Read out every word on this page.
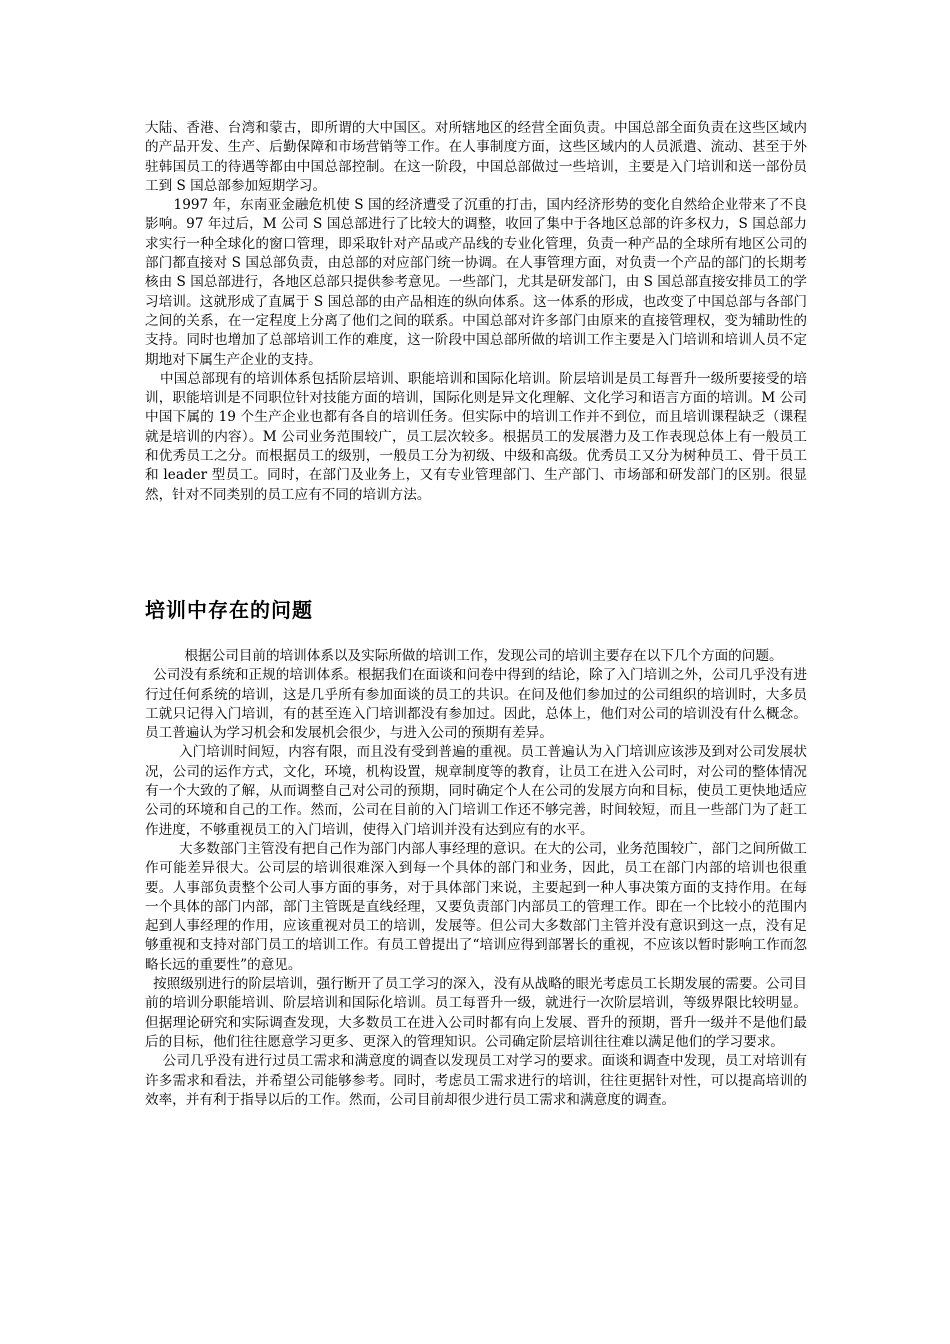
大陆、香港、台湾和蒙古，即所谓的大中国区。对所辖地区的经营全面负责。中国总部全面负责在这些区域内的产品开发、生产、后勤保障和市场营销等工作。在人事制度方面，这些区域内的人员派遣、流动、甚至于外驻韩国员工的待遇等都由中国总部控制。在这一阶段，中国总部做过一些培训，主要是入门培训和送一部份员工到 S 国总部参加短期学习。

1997 年，东南亚金融危机使 S 国的经济遭受了沉重的打击，国内经济形势的变化自然给企业带来了不良影响。97 年过后，M 公司 S 国总部进行了比较大的调整，收回了集中于各地区总部的许多权力，S 国总部力求实行一种全球化的窗口管理，即采取针对产品或产品线的专业化管理，负责一种产品的全球所有地区公司的部门都直接对 S 国总部负责，由总部的对应部门统一协调。在人事管理方面，对负责一个产品的部门的长期考核由 S 国总部进行，各地区总部只提供参考意见。一些部门，尤其是研发部门，由 S 国总部直接安排员工的学习培训。这就形成了直属于 S 国总部的由产品相连的纵向体系。这一体系的形成，也改变了中国总部与各部门之间的关系，在一定程度上分离了他们之间的联系。中国总部对许多部门由原来的直接管理权，变为辅助性的支持。同时也增加了总部培训工作的难度，这一阶段中国总部所做的培训工作主要是入门培训和培训人员不定期地对下属生产企业的支持。

中国总部现有的培训体系包括阶层培训、职能培训和国际化培训。阶层培训是员工每晋升一级所要接受的培训，职能培训是不同职位针对技能方面的培训，国际化则是异文化理解、文化学习和语言方面的培训。M 公司中国下属的 19 个生产企业也都有各自的培训任务。但实际中的培训工作并不到位，而且培训课程缺乏（课程就是培训的内容）。M 公司业务范围较广，员工层次较多。根据员工的发展潜力及工作表现总体上有一般员工和优秀员工之分。而根据员工的级别，一般员工分为初级、中级和高级。优秀员工又分为树种员工、骨干员工和 leader 型员工。同时，在部门及业务上，又有专业管理部门、生产部门、市场部和研发部门的区别。很显然，针对不同类别的员工应有不同的培训方法。

培训中存在的问题

根据公司目前的培训体系以及实际所做的培训工作，发现公司的培训主要存在以下几个方面的问题。

公司没有系统和正规的培训体系。根据我们在面谈和问卷中得到的结论，除了入门培训之外，公司几乎没有进行过任何系统的培训，这是几乎所有参加面谈的员工的共识。在问及他们参加过的公司组织的培训时，大多员工就只记得入门培训，有的甚至连入门培训都没有参加过。因此，总体上，他们对公司的培训没有什么概念。员工普遍认为学习机会和发展机会很少，与进入公司的预期有差异。

入门培训时间短，内容有限，而且没有受到普遍的重视。员工普遍认为入门培训应该涉及到对公司发展状况，公司的运作方式，文化，环境，机构设置，规章制度等的教育，让员工在进入公司时，对公司的整体情况有一个大致的了解，从而调整自己对公司的预期，同时确定个人在公司的发展方向和目标，使员工更快地适应公司的环境和自己的工作。然而，公司在目前的入门培训工作还不够完善，时间较短，而且一些部门为了赶工作进度，不够重视员工的入门培训，使得入门培训并没有达到应有的水平。

大多数部门主管没有把自己作为部门内部人事经理的意识。在大的公司，业务范围较广，部门之间所做工作可能差异很大。公司层的培训很难深入到每一个具体的部门和业务，因此，员工在部门内部的培训也很重要。人事部负责整个公司人事方面的事务，对于具体部门来说，主要起到一种人事决策方面的支持作用。在每一个具体的部门内部，部门主管既是直线经理，又要负责部门内部员工的管理工作。即在一个比较小的范围内起到人事经理的作用，应该重视对员工的培训，发展等。但公司大多数部门主管并没有意识到这一点，没有足够重视和支持对部门员工的培训工作。有员工曾提出了“培训应得到部署长的重视，不应该以暂时影响工作而忽略长远的重要性”的意见。

按照级别进行的阶层培训，强行断开了员工学习的深入，没有从战略的眼光考虑员工长期发展的需要。公司目前的培训分职能培训、阶层培训和国际化培训。员工每晋升一级，就进行一次阶层培训，等级界限比较明显。但据理论研究和实际调查发现，大多数员工在进入公司时都有向上发展、晋升的预期，晋升一级并不是他们最后的目标，他们往往愿意学习更多、更深入的管理知识。公司确定阶层培训往往难以满足他们的学习要求。

公司几乎没有进行过员工需求和满意度的调查以发现员工对学习的要求。面谈和调查中发现，员工对培训有许多需求和看法，并希望公司能够参考。同时，考虑员工需求进行的培训，往往更据针对性，可以提高培训的效率，并有利于指导以后的工作。然而，公司目前却很少进行员工需求和满意度的调查。
